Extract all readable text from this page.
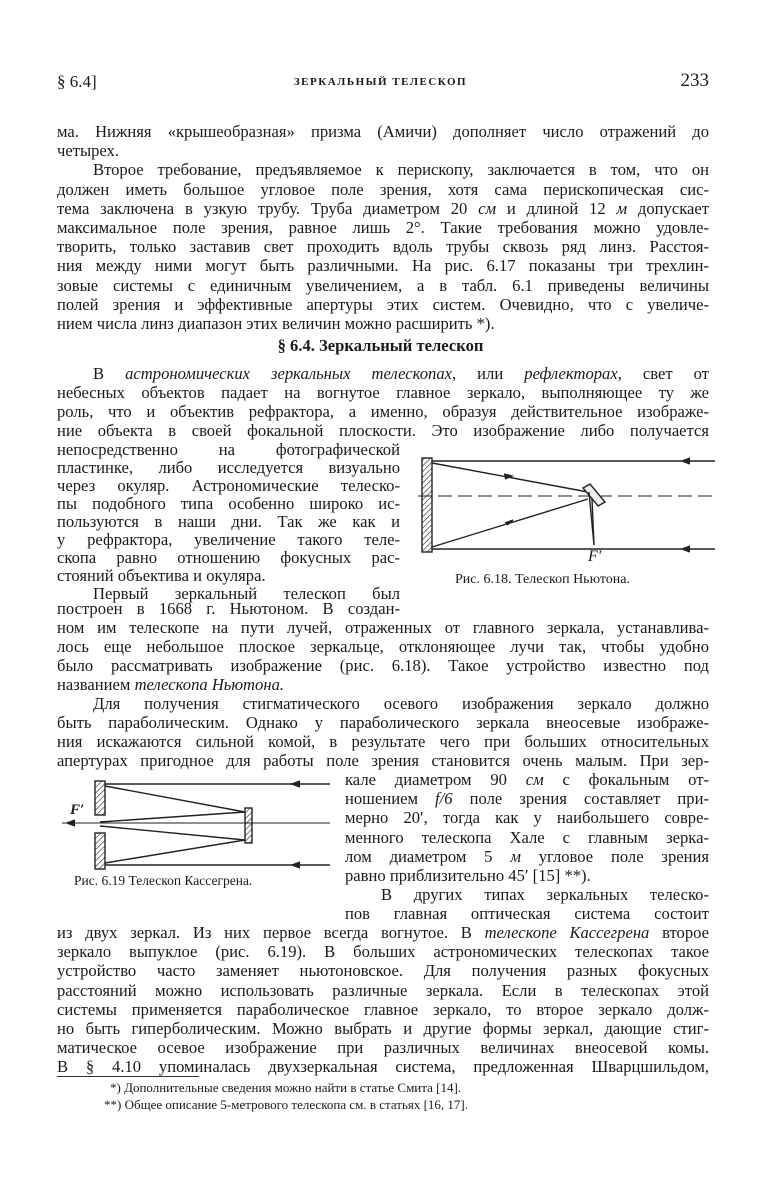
§ 6.4]	ЗЕРКАЛЬНЫЙ ТЕЛЕСКОП	233
§ 6.4. Зеркальный телескоп
ма. Нижняя «крышеобразная» призма (Амичи) дополняет число отражений до
четырех.
Второе требование, предъявляемое к перископу, заключается в том, что он
должен иметь большое угловое поле зрения, хотя сама перископическая сис-
тема заключена в узкую трубу. Труба диаметром 20 см и длиной 12 м допускает
максимальное поле зрения, равное лишь 2°. Такие требования можно удовле-
творить, только заставив свет проходить вдоль трубы сквозь ряд линз. Расстоя-
ния между ними могут быть различными. На рис. 6.17 показаны три трехлин-
зовые системы с единичным увеличением, а в табл. 6.1 приведены величины
полей зрения и эффективные апертуры этих систем. Очевидно, что с увеличе-
нием числа линз диапазон этих величин можно расширить *).
В астрономических зеркальных телескопах, или рефлекторах, свет от
небесных объектов падает на вогнутое главное зеркало, выполняющее ту же
роль, что и объектив рефрактора, а именно, образуя действительное изображе-
ние объекта в своей фокальной плоскости. Это изображение либо получается
непосредственно на фотографической
пластинке, либо исследуется визуально
через окуляр. Астрономические телеско-
пы подобного типа особенно широко ис-
пользуются в наши дни. Так же как и
у рефрактора, увеличение такого теле-
скопа равно отношению фокусных рас-
стояний объектива и окуляра.
Первый зеркальный телескоп был
построен в 1668 г. Ньютоном. В создан-
ном им телескопе на пути лучей, отраженных от главного зеркала, устанавлива-
лось еще небольшое плоское зеркальце, отклоняющее лучи так, чтобы удобно
было рассматривать изображение (рис. 6.18). Такое устройство известно под
названием телескопа Ньютона.
Для получения стигматического осевого изображения зеркало должно
быть параболическим. Однако у параболического зеркала внеосевые изображе-
ния искажаются сильной комой, в результате чего при больших относительных
апертурах пригодное для работы поле зрения становится очень малым. При зер-
кале диаметром 90 см с фокальным от-
ношением f/6 поле зрения составляет при-
мерно 20′, тогда как у наибольшего совре-
менного телескопа Хале с главным зерка-
лом диаметром 5 м угловое поле зрения
равно приблизительно 45′ [15] **).
В других типах зеркальных телеско-
пов главная оптическая система состоит
из двух зеркал. Из них первое всегда вогнутое. В телескопе Кассегрена второе
зеркало выпуклое (рис. 6.19). В больших астрономических телескопах такое
устройство часто заменяет ньютоновское. Для получения разных фокусных
расстояний можно использовать различные зеркала. Если в телескопах этой
системы применяется параболическое главное зеркало, то второе зеркало долж-
но быть гиперболическим. Можно выбрать и другие формы зеркал, дающие стиг-
матическое осевое изображение при различных величинах внеосевой комы.
В § 4.10 упоминалась двухзеркальная система, предложенная Шварцшильдом,
F′
Рис. 6.18. Телескоп Ньютона.
F′
Рис. 6.19 Телескоп Кассегрена.
*) Дополнительные сведения можно найти в статье Смита [14].
**) Общее описание 5-метрового телескопа см. в статьях [16, 17].
